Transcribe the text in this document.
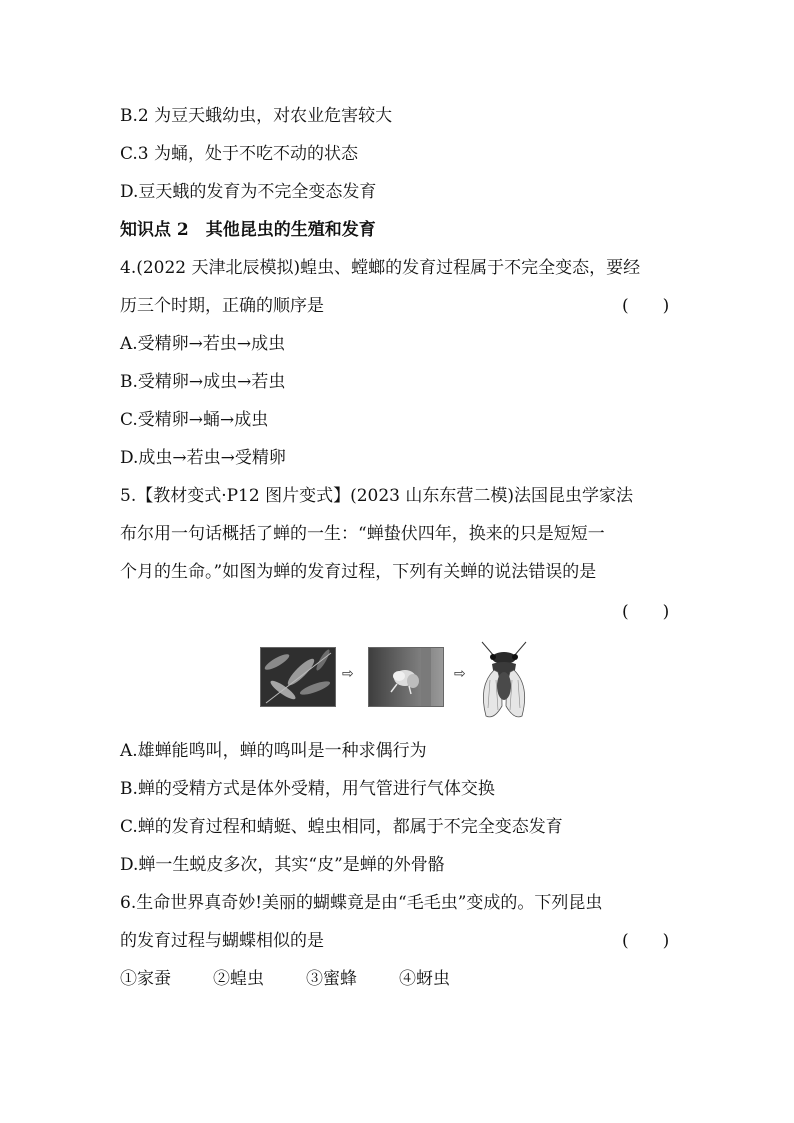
B.2 为豆天蛾幼虫，对农业危害较大
C.3 为蛹，处于不吃不动的状态
D.豆天蛾的发育为不完全变态发育
知识点 2　其他昆虫的生殖和发育
4.(2022 天津北辰模拟)蝗虫、螳螂的发育过程属于不完全变态，要经
历三个时期，正确的顺序是	(　　)
A.受精卵→若虫→成虫
B.受精卵→成虫→若虫
C.受精卵→蛹→成虫
D.成虫→若虫→受精卵
5.【教材变式·P12 图片变式】(2023 山东东营二模)法国昆虫学家法
布尔用一句话概括了蝉的一生：“蝉蛰伏四年，换来的只是短短一
个月的生命。”如图为蝉的发育过程，下列有关蝉的说法错误的是
(　　)
⇨	⇨
A.雄蝉能鸣叫，蝉的鸣叫是一种求偶行为
B.蝉的受精方式是体外受精，用气管进行气体交换
C.蝉的发育过程和蜻蜓、蝗虫相同，都属于不完全变态发育
D.蝉一生蜕皮多次，其实“皮”是蝉的外骨骼
6.生命世界真奇妙!美丽的蝴蝶竟是由“毛毛虫”变成的。下列昆虫
的发育过程与蝴蝶相似的是	(　　)
①家蚕 ②蝗虫 ③蜜蜂 ④蚜虫
